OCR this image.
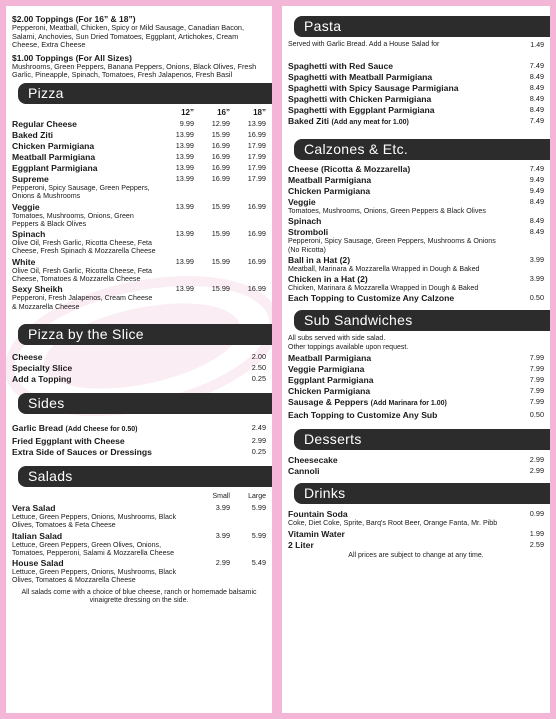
$2.00 Toppings (For 16” & 18”)
Pepperoni, Meatball, Chicken, Spicy or Mild Sausage, Canadian Bacon, Salami, Anchovies, Sun Dried Tomatoes, Eggplant, Artichokes, Cream Cheese, Extra Cheese
$1.00 Toppings (For All Sizes)
Mushrooms, Green Peppers, Banana Peppers, Onions, Black Olives, Fresh Garlic, Pineapple, Spinach, Tomatoes, Fresh Jalapenos, Fresh Basil
Pizza
12”	16”	18”
Regular Cheese	9.99	12.99	13.99
Baked Ziti	13.99	15.99	16.99
Chicken Parmigiana	13.99	16.99	17.99
Meatball Parmigiana	13.99	16.99	17.99
Eggplant Parmigiana	13.99	16.99	17.99
Supreme
Pepperoni, Spicy Sausage, Green Peppers, Onions & Mushrooms
13.99	16.99	17.99
Veggie
Tomatoes, Mushrooms, Onions, Green Peppers & Black Olives
13.99	15.99	16.99
Spinach
Olive Oil, Fresh Garlic, Ricotta Cheese, Feta Cheese, Fresh Spinach & Mozzarella Cheese
13.99	15.99	16.99
White
Olive Oil, Fresh Garlic, Ricotta Cheese, Feta Cheese, Tomatoes & Mozzarella Cheese
13.99	15.99	16.99
Sexy Sheikh
Pepperoni, Fresh Jalapenos, Cream Cheese & Mozzarella Cheese
13.99	15.99	16.99
Pizza by the Slice
Cheese	2.00
Specialty Slice	2.50
Add a Topping	0.25
Sides
Garlic Bread (Add Cheese for 0.50)	2.49
Fried Eggplant with Cheese	2.99
Extra Side of Sauces or Dressings	0.25
Salads
Small	Large
Vera Salad
Lettuce, Green Peppers, Onions, Mushrooms, Black Olives, Tomatoes & Feta Cheese
3.99	5.99
Italian Salad
Lettuce, Green Peppers, Green Olives, Onions, Tomatoes, Pepperoni, Salami & Mozzarella Cheese
3.99	5.99
House Salad
Lettuce, Green Peppers, Onions, Mushrooms, Black Olives, Tomatoes & Mozzarella Cheese
2.99	5.49
All salads come with a choice of blue cheese, ranch or homemade balsamic vinaigrette dressing on the side.
Pasta
Served with Garlic Bread. Add a House Salad for	1.49
Spaghetti with Red Sauce	7.49
Spaghetti with Meatball Parmigiana	8.49
Spaghetti with Spicy Sausage Parmigiana	8.49
Spaghetti with Chicken Parmigiana	8.49
Spaghetti with Eggplant Parmigiana	8.49
Baked Ziti (Add any meat for 1.00)	7.49
Calzones & Etc.
Cheese (Ricotta & Mozzarella)	7.49
Meatball Parmigiana	9.49
Chicken Parmigiana	9.49
Veggie
Tomatoes, Mushrooms, Onions, Green Peppers & Black Olives
8.49
Spinach	8.49
Stromboli
Pepperoni, Spicy Sausage, Green Peppers, Mushrooms & Onions (No Ricotta)
8.49
Ball in a Hat (2)
Meatball, Marinara & Mozzarella Wrapped in Dough & Baked
3.99
Chicken in a Hat (2)
Chicken, Marinara & Mozzarella Wrapped in Dough & Baked
3.99
Each Topping to Customize Any Calzone	0.50
Sub Sandwiches
All subs served with side salad.
Other toppings available upon request.
Meatball Parmigiana	7.99
Veggie Parmigiana	7.99
Eggplant Parmigiana	7.99
Chicken Parmigiana	7.99
Sausage & Peppers (Add Marinara for 1.00)	7.99
Each Topping to Customize Any Sub	0.50
Desserts
Cheesecake	2.99
Cannoli	2.99
Drinks
Fountain Soda
Coke, Diet Coke, Sprite, Barq's Root Beer, Orange Fanta, Mr. Pibb
0.99
Vitamin Water	1.99
2 Liter	2.59
All prices are subject to change at any time.
